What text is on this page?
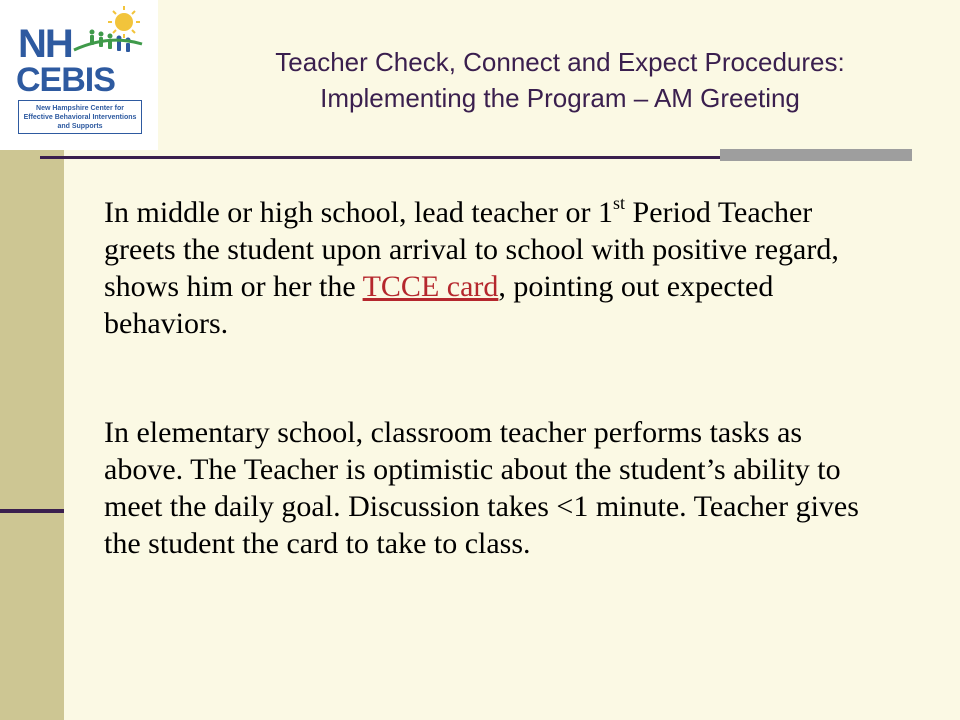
NH
CEBIS
New Hampshire Center for Effective Behavioral Interventions and Supports
Teacher Check, Connect and Expect Procedures:
Implementing the Program – AM Greeting
In middle or high school, lead teacher or 1st Period Teacher greets the student upon arrival to school with positive regard, shows him or her the TCCE card, pointing out expected behaviors.
In elementary school, classroom teacher performs tasks as above. The Teacher is optimistic about the student’s ability to meet the daily goal. Discussion takes <1 minute. Teacher gives the student the card to take to class.
